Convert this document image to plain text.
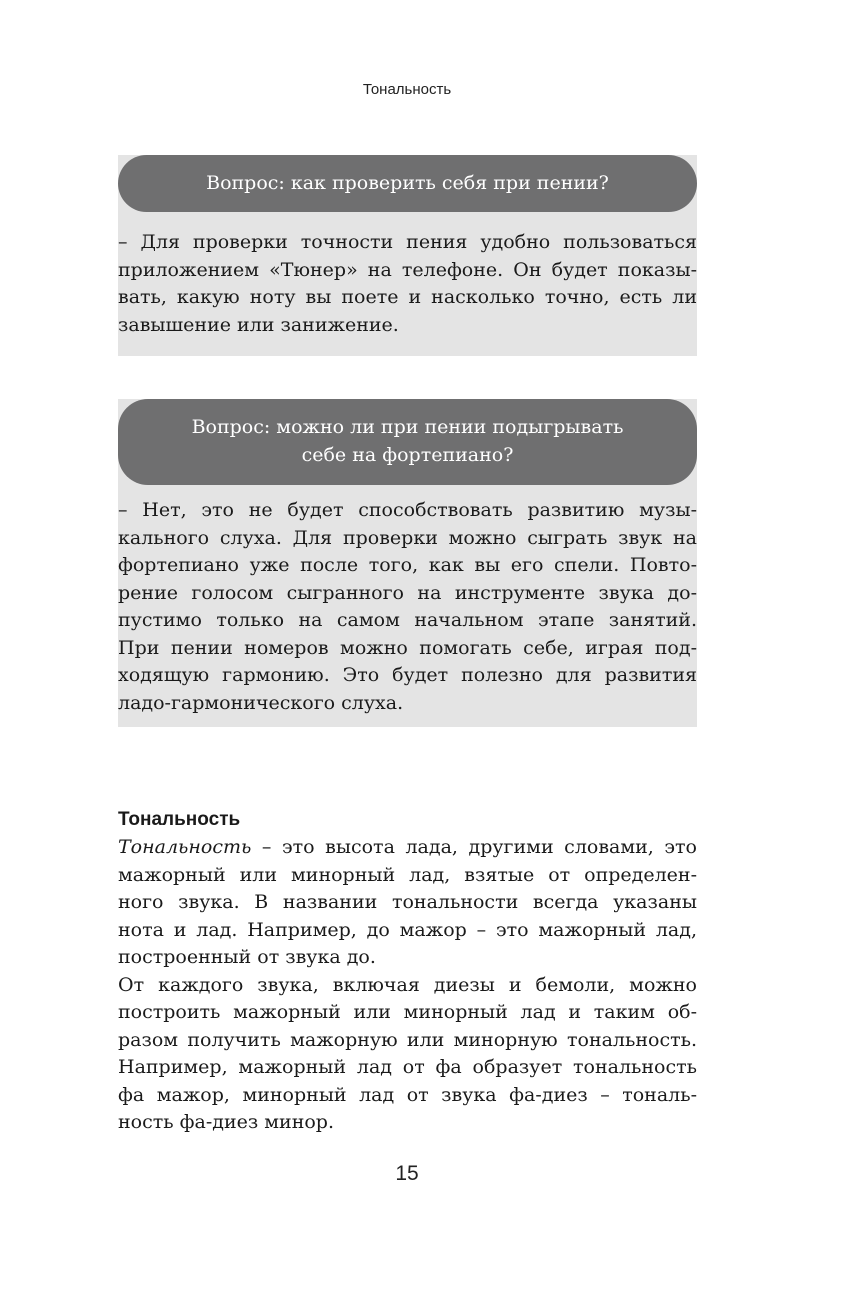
Тональность
Вопрос: как проверить себя при пении?
– Для проверки точности пения удобно пользоваться
приложением «Тюнер» на телефоне. Он будет показы-
вать, какую ноту вы поете и насколько точно, есть ли
завышение или занижение.
Вопрос: можно ли при пении подыгрывать
себе на фортепиано?
– Нет, это не будет способствовать развитию музы-
кального слуха. Для проверки можно сыграть звук на
фортепиано уже после того, как вы его спели. Повто-
рение голосом сыгранного на инструменте звука до-
пустимо только на самом начальном этапе занятий.
При пении номеров можно помогать себе, играя под-
ходящую гармонию. Это будет полезно для развития
ладо-гармонического слуха.
Тональность

Тональность – это высота лада, другими словами, это
мажорный или минорный лад, взятые от определен-
ного звука. В названии тональности всегда указаны
нота и лад. Например, до мажор – это мажорный лад,
построенный от звука до.

От каждого звука, включая диезы и бемоли, можно
построить мажорный или минорный лад и таким об-
разом получить мажорную или минорную тональность.
Например, мажорный лад от фа образует тональность
фа мажор, минорный лад от звука фа-диез – тональ-
ность фа-диез минор.

15
